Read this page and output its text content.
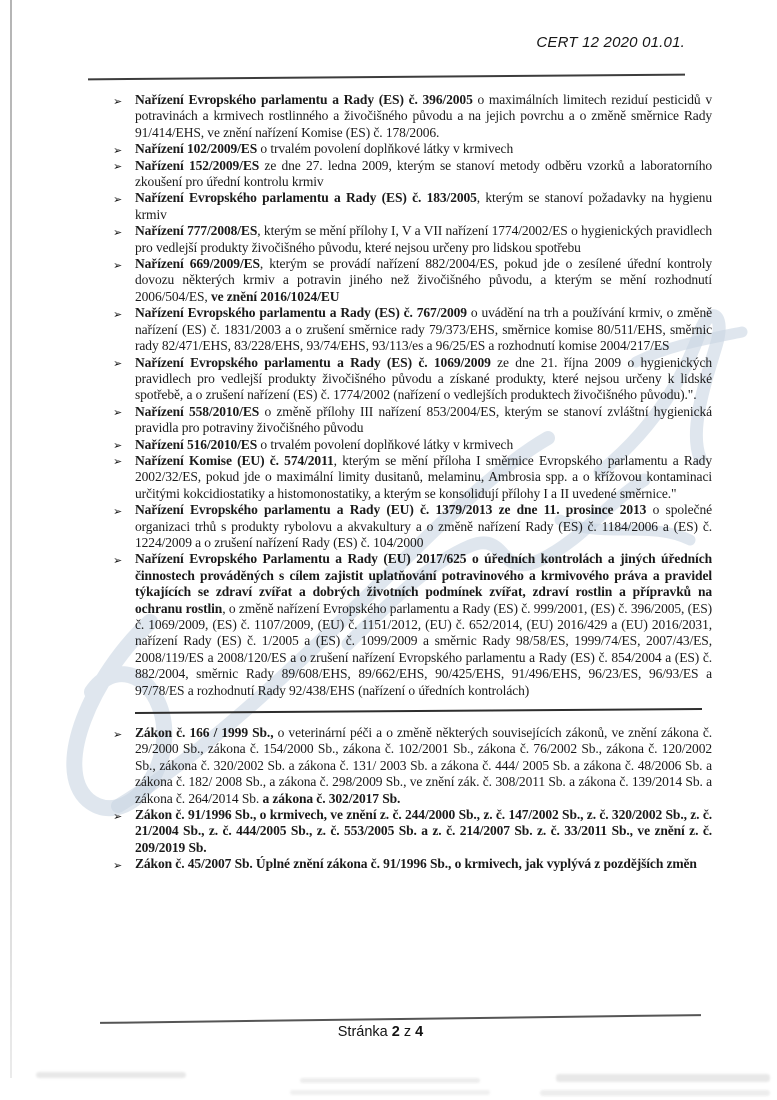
CERT 12 2020 01.01.
➢ Nařízení Evropského parlamentu a Rady (ES) č. 396/2005 o maximálních limitech reziduí pesticidů v potravinách a krmivech rostlinného a živočišného původu a na jejich povrchu a o změně směrnice Rady 91/414/EHS, ve znění nařízení Komise (ES) č. 178/2006.
➢ Nařízení 102/2009/ES o trvalém povolení doplňkové látky v krmivech
➢ Nařízení 152/2009/ES ze dne 27. ledna 2009, kterým se stanoví metody odběru vzorků a laboratorního zkoušení pro úřední kontrolu krmiv
➢ Nařízení Evropského parlamentu a Rady (ES) č. 183/2005, kterým se stanoví požadavky na hygienu krmiv
➢ Nařízení 777/2008/ES, kterým se mění přílohy I, V a VII nařízení 1774/2002/ES o hygienických pravidlech pro vedlejší produkty živočišného původu, které nejsou určeny pro lidskou spotřebu
➢ Nařízení 669/2009/ES, kterým se provádí nařízení 882/2004/ES, pokud jde o zesílené úřední kontroly dovozu některých krmiv a potravin jiného než živočišného původu, a kterým se mění rozhodnutí 2006/504/ES, ve znění 2016/1024/EU
➢ Nařízení Evropského parlamentu a Rady (ES) č. 767/2009 o uvádění na trh a používání krmiv, o změně nařízení (ES) č. 1831/2003 a o zrušení směrnice rady 79/373/EHS, směrnice komise 80/511/EHS, směrnic rady 82/471/EHS, 83/228/EHS, 93/74/EHS, 93/113/es a 96/25/ES a rozhodnutí komise 2004/217/ES
➢ Nařízení Evropského parlamentu a Rady (ES) č. 1069/2009 ze dne 21. října 2009 o hygienických pravidlech pro vedlejší produkty živočišného původu a získané produkty, které nejsou určeny k lidské spotřebě, a o zrušení nařízení (ES) č. 1774/2002 (nařízení o vedlejších produktech živočišného původu).".
➢ Nařízení 558/2010/ES o změně přílohy III nařízení 853/2004/ES, kterým se stanoví zvláštní hygienická pravidla pro potraviny živočišného původu
➢ Nařízení 516/2010/ES o trvalém povolení doplňkové látky v krmivech
➢ Nařízení Komise (EU) č. 574/2011, kterým se mění příloha I směrnice Evropského parlamentu a Rady 2002/32/ES, pokud jde o maximální limity dusitanů, melaminu, Ambrosia spp. a o křížovou kontaminaci určitými kokcidiostatiky a histomonostatiky, a kterým se konsolidují přílohy I a II uvedené směrnice."
➢ Nařízení Evropského parlamentu a Rady (EU) č. 1379/2013 ze dne 11. prosince 2013 o společné organizaci trhů s produkty rybolovu a akvakultury a o změně nařízení Rady (ES) č. 1184/2006 a (ES) č. 1224/2009 a o zrušení nařízení Rady (ES) č. 104/2000
➢ Nařízení Evropského Parlamentu a Rady (EU) 2017/625 o úředních kontrolách a jiných úředních činnostech prováděných s cílem zajistit uplatňování potravinového a krmivového práva a pravidel týkajících se zdraví zvířat a dobrých životních podmínek zvířat, zdraví rostlin a přípravků na ochranu rostlin, o změně nařízení Evropského parlamentu a Rady (ES) č. 999/2001, (ES) č. 396/2005, (ES) č. 1069/2009, (ES) č. 1107/2009, (EU) č. 1151/2012, (EU) č. 652/2014, (EU) 2016/429 a (EU) 2016/2031, nařízení Rady (ES) č. 1/2005 a (ES) č. 1099/2009 a směrnic Rady 98/58/ES, 1999/74/ES, 2007/43/ES, 2008/119/ES a 2008/120/ES a o zrušení nařízení Evropského parlamentu a Rady (ES) č. 854/2004 a (ES) č. 882/2004, směrnic Rady 89/608/EHS, 89/662/EHS, 90/425/EHS, 91/496/EHS, 96/23/ES, 96/93/ES a 97/78/ES a rozhodnutí Rady 92/438/EHS (nařízení o úředních kontrolách)
➢ Zákon č. 166 / 1999 Sb., o veterinární péči a o změně některých souvisejících zákonů, ve znění zákona č. 29/2000 Sb., zákona č. 154/2000 Sb., zákona č. 102/2001 Sb., zákona č. 76/2002 Sb., zákona č. 120/2002 Sb., zákona č. 320/2002 Sb. a zákona č. 131/ 2003 Sb. a zákona č. 444/ 2005 Sb. a zákona č. 48/2006 Sb. a zákona č. 182/ 2008 Sb., a zákona č. 298/2009 Sb., ve znění zák. č. 308/2011 Sb. a zákona č. 139/2014 Sb. a zákona č. 264/2014 Sb. a zákona č. 302/2017 Sb.
➢ Zákon č. 91/1996 Sb., o krmivech, ve znění z. č. 244/2000 Sb., z. č. 147/2002 Sb., z. č. 320/2002 Sb., z. č. 21/2004 Sb., z. č. 444/2005 Sb., z. č. 553/2005 Sb. a z. č. 214/2007 Sb. z. č. 33/2011 Sb., ve znění z. č. 209/2019 Sb.
➢ Zákon č. 45/2007 Sb. Úplné znění zákona č. 91/1996 Sb., o krmivech, jak vyplývá z pozdějších změn
Stránka 2 z 4
